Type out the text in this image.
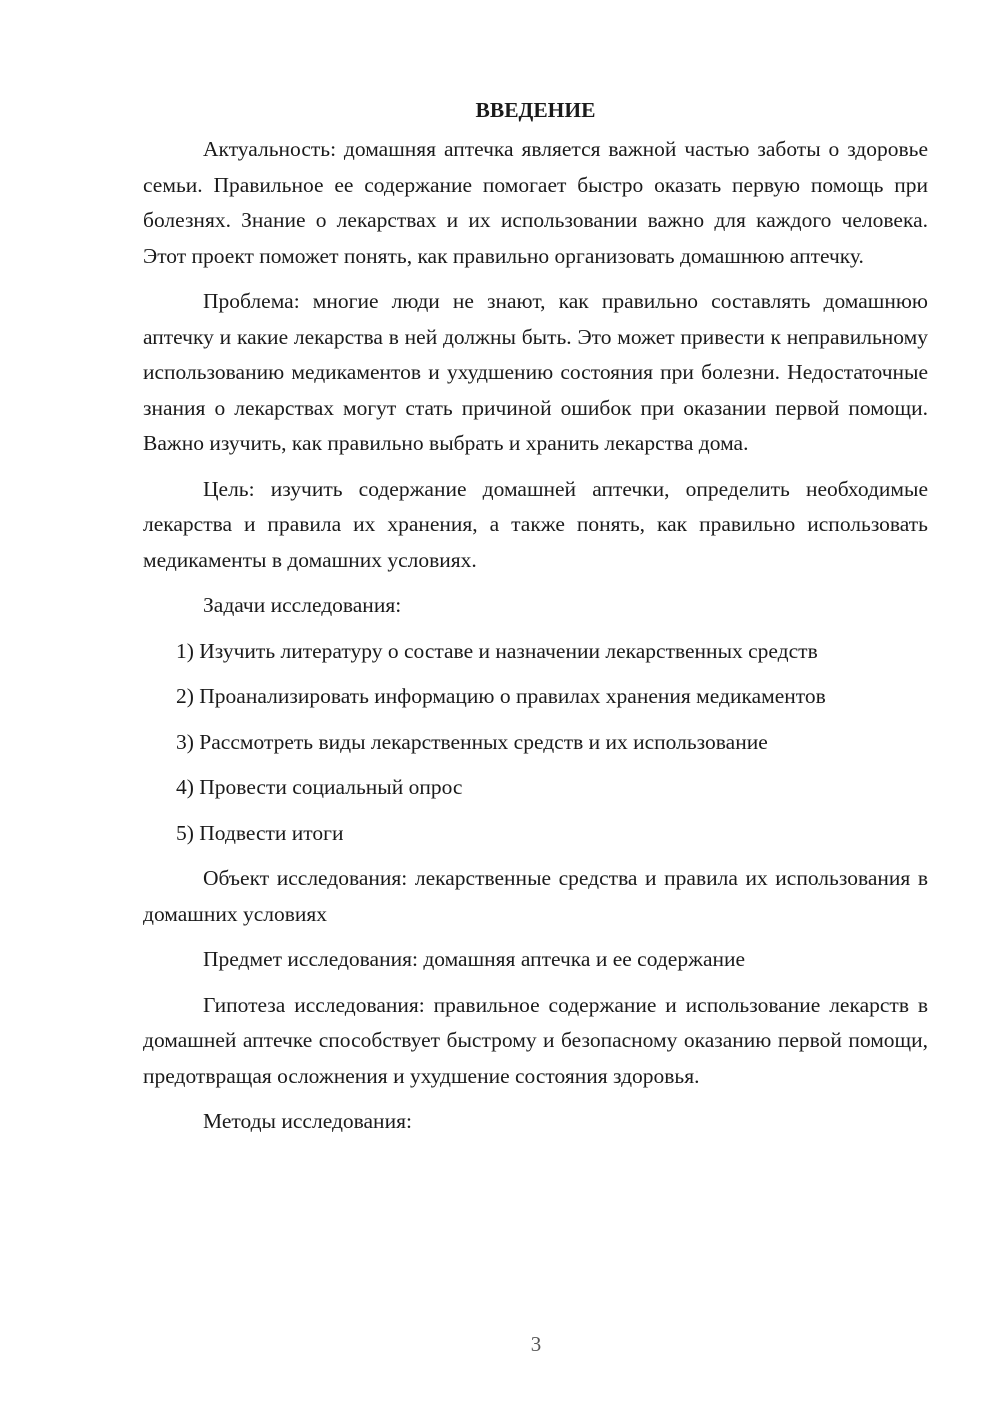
ВВЕДЕНИЕ

Актуальность: домашняя аптечка является важной частью заботы о здоровье семьи. Правильное ее содержание помогает быстро оказать первую помощь при болезнях. Знание о лекарствах и их использовании важно для каждого человека. Этот проект поможет понять, как правильно организовать домашнюю аптечку.

Проблема: многие люди не знают, как правильно составлять домашнюю аптечку и какие лекарства в ней должны быть. Это может привести к неправильному использованию медикаментов и ухудшению состояния при болезни. Недостаточные знания о лекарствах могут стать причиной ошибок при оказании первой помощи. Важно изучить, как правильно выбрать и хранить лекарства дома.

Цель: изучить содержание домашней аптечки, определить необходимые лекарства и правила их хранения, а также понять, как правильно использовать медикаменты в домашних условиях.

Задачи исследования:

1) Изучить литературу о составе и назначении лекарственных средств
2) Проанализировать информацию о правилах хранения медикаментов
3) Рассмотреть виды лекарственных средств и их использование
4) Провести социальный опрос
5) Подвести итоги

Объект исследования: лекарственные средства и правила их использования в домашних условиях

Предмет исследования: домашняя аптечка и ее содержание

Гипотеза исследования: правильное содержание и использование лекарств в домашней аптечке способствует быстрому и безопасному оказанию первой помощи, предотвращая осложнения и ухудшение состояния здоровья.

Методы исследования:

3
